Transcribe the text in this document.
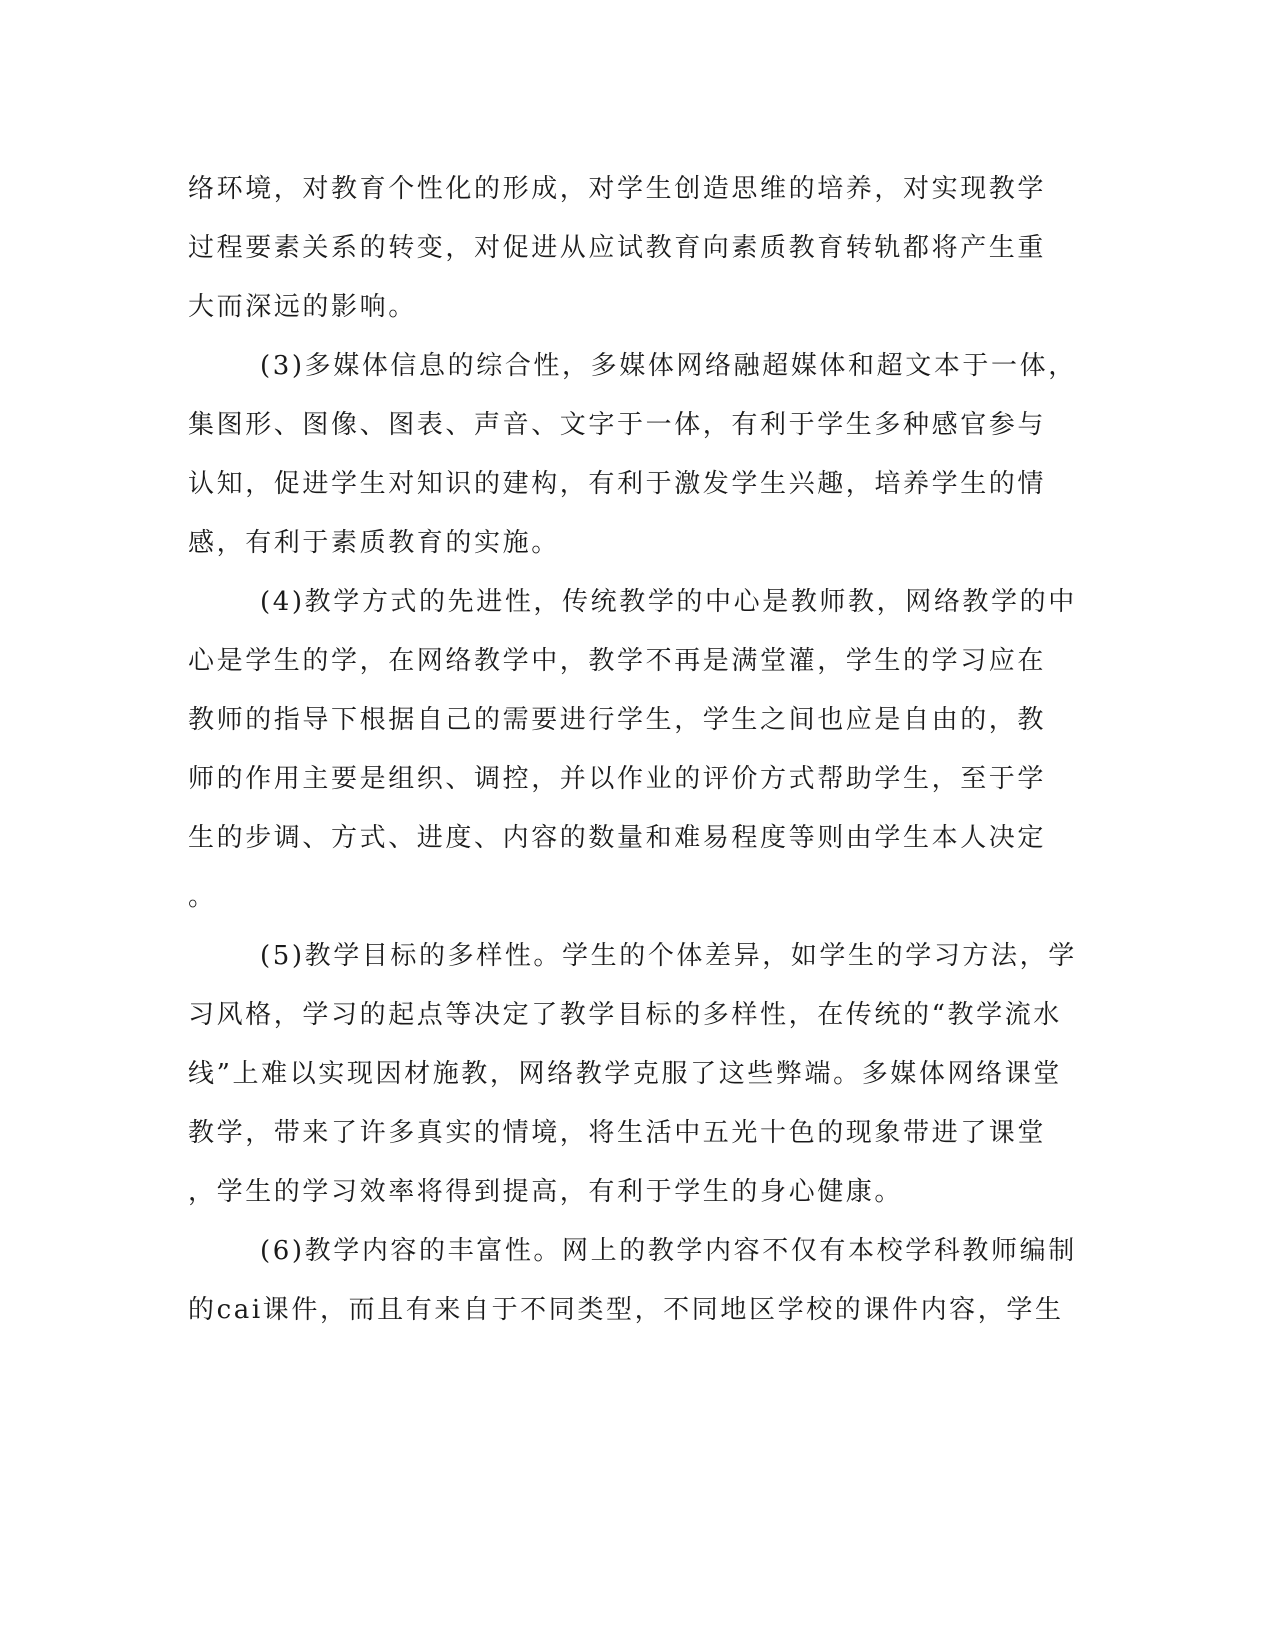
络环境，对教育个性化的形成，对学生创造思维的培养，对实现教学
过程要素关系的转变，对促进从应试教育向素质教育转轨都将产生重
大而深远的影响。
(3)多媒体信息的综合性，多媒体网络融超媒体和超文本于一体，
集图形、图像、图表、声音、文字于一体，有利于学生多种感官参与
认知，促进学生对知识的建构，有利于激发学生兴趣，培养学生的情
感，有利于素质教育的实施。
(4)教学方式的先进性，传统教学的中心是教师教，网络教学的中
心是学生的学，在网络教学中，教学不再是满堂灌，学生的学习应在
教师的指导下根据自己的需要进行学生，学生之间也应是自由的，教
师的作用主要是组织、调控，并以作业的评价方式帮助学生，至于学
生的步调、方式、进度、内容的数量和难易程度等则由学生本人决定
。
(5)教学目标的多样性。学生的个体差异，如学生的学习方法，学
习风格，学习的起点等决定了教学目标的多样性，在传统的“教学流水
线”上难以实现因材施教，网络教学克服了这些弊端。多媒体网络课堂
教学，带来了许多真实的情境，将生活中五光十色的现象带进了课堂
，学生的学习效率将得到提高，有利于学生的身心健康。
(6)教学内容的丰富性。网上的教学内容不仅有本校学科教师编制
的cai课件，而且有来自于不同类型，不同地区学校的课件内容，学生
